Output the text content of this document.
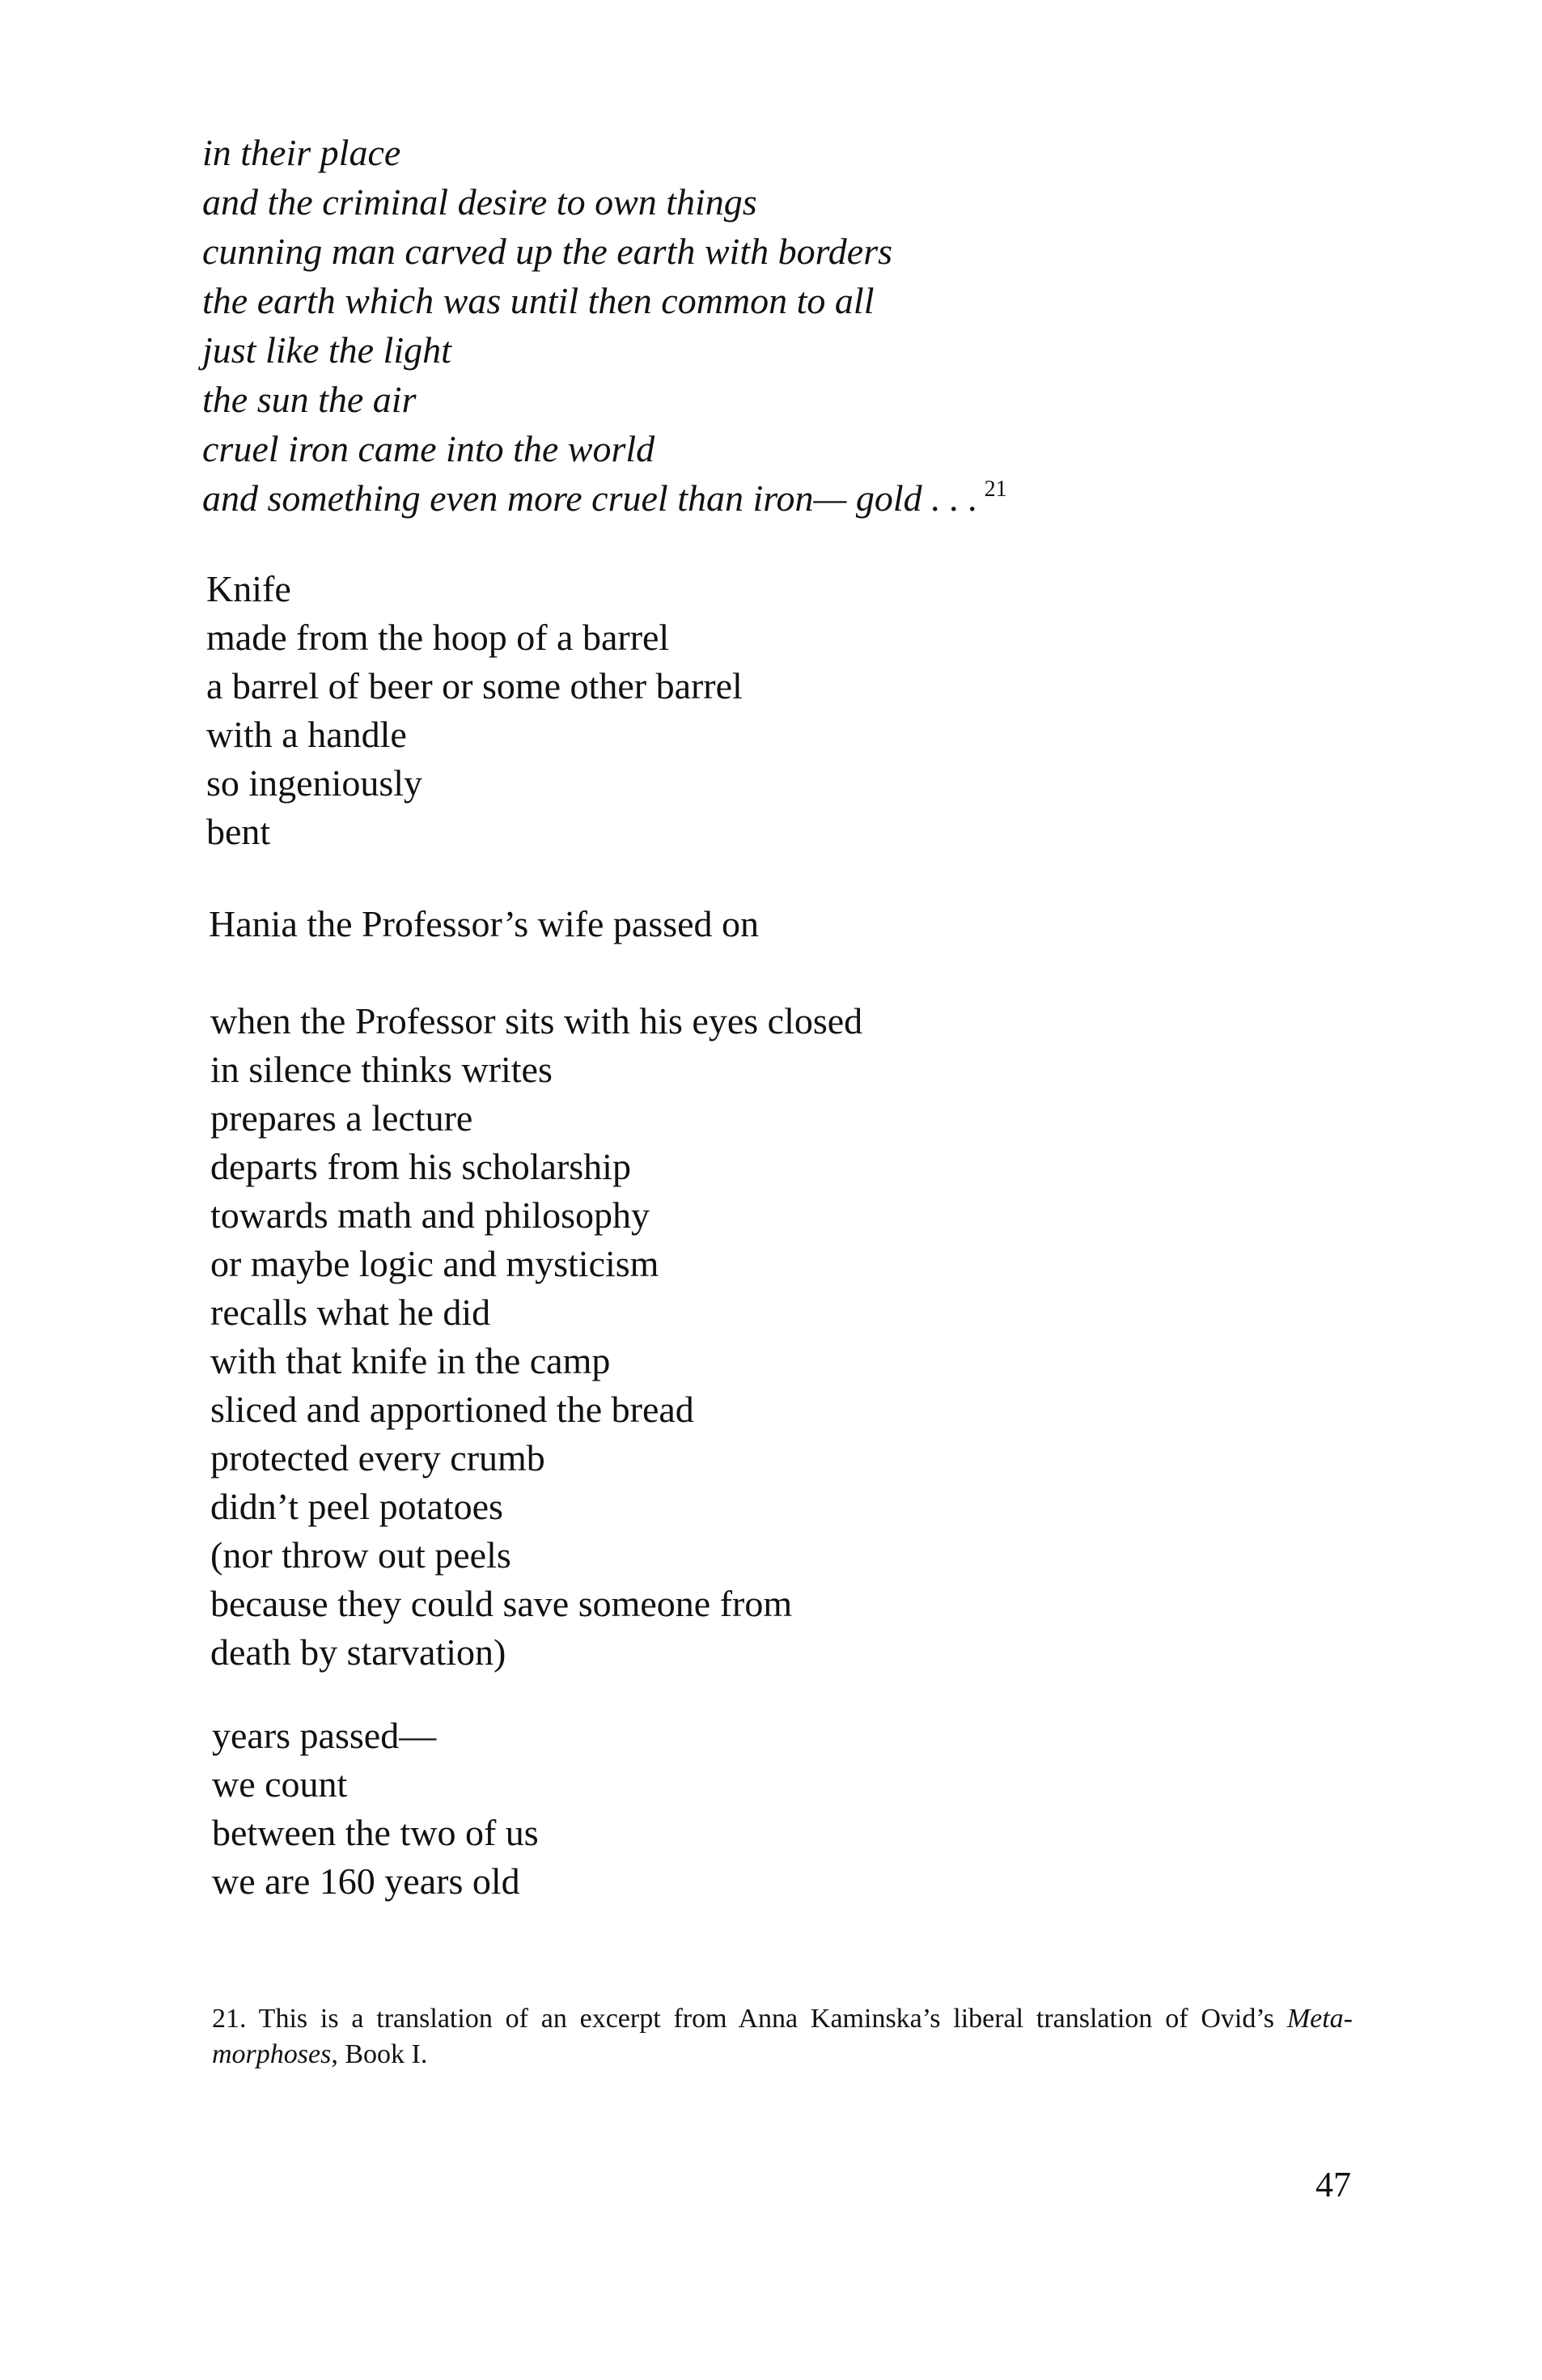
in their place
and the criminal desire to own things
cunning man carved up the earth with borders
the earth which was until then common to all
just like the light
the sun the air
cruel iron came into the world
and something even more cruel than iron— gold . . . $^{21}$
Knife
made from the hoop of a barrel
a barrel of beer or some other barrel
with a handle
so ingeniously
bent
Hania the Professor’s wife passed on
when the Professor sits with his eyes closed
in silence thinks writes
prepares a lecture
departs from his scholarship
towards math and philosophy
or maybe logic and mysticism
recalls what he did
with that knife in the camp
sliced and apportioned the bread
protected every crumb
didn’t peel potatoes
(nor throw out peels
because they could save someone from
death by starvation)
years passed—
we count
between the two of us
we are 160 years old
21. This is a translation of an excerpt from Anna Kaminska’s liberal translation of Ovid’s Meta-
morphoses, Book I.
47
